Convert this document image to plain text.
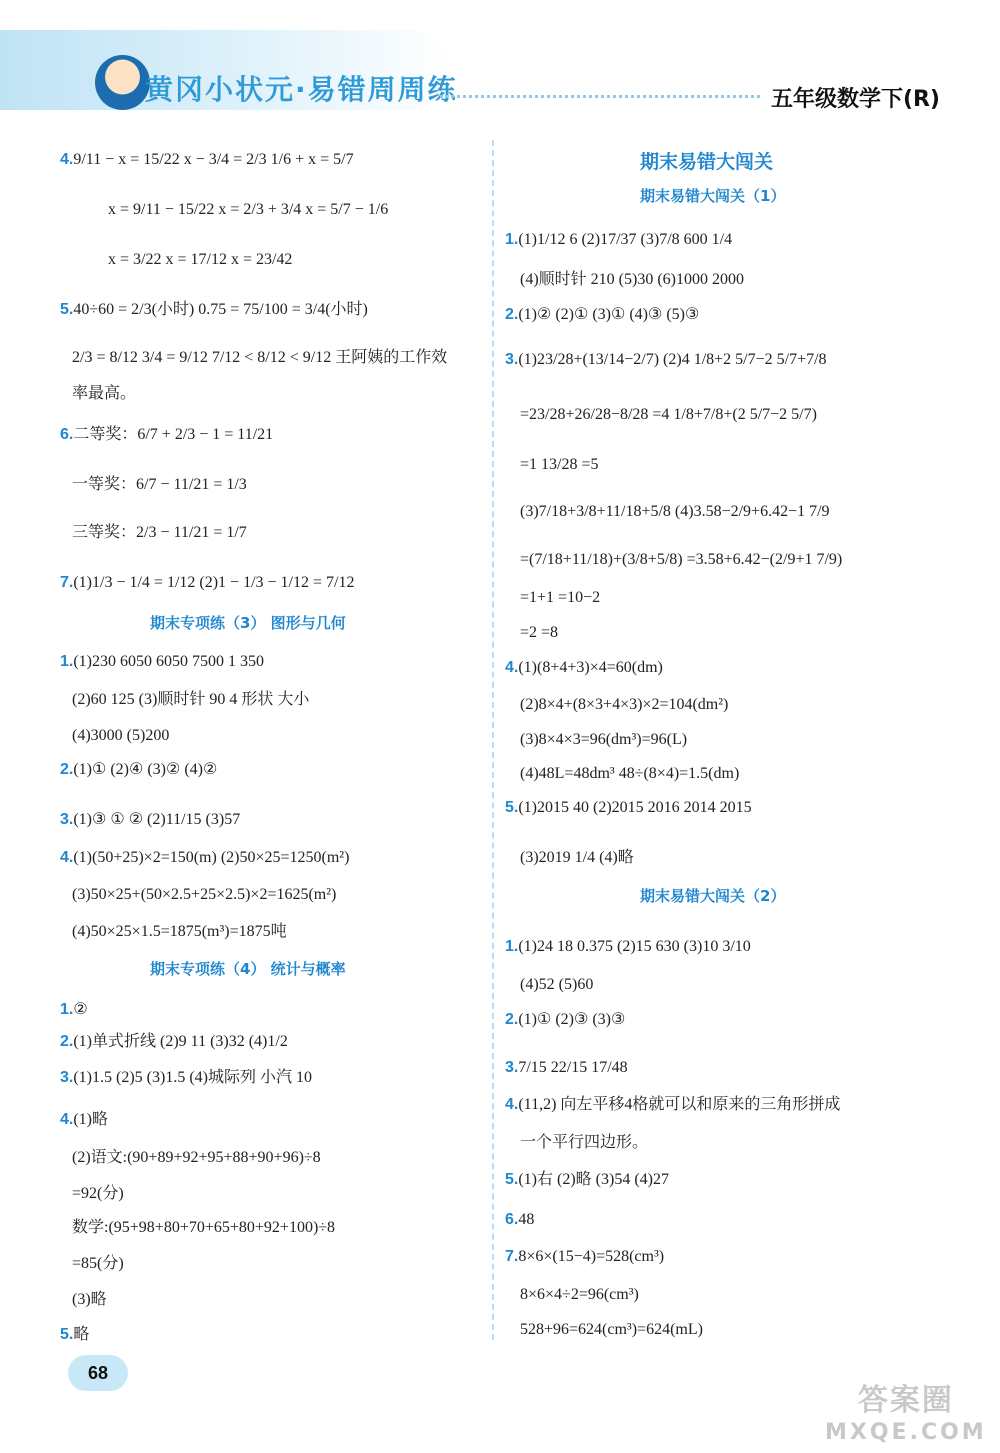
黄冈小状元·易错周周练	五年级数学下(R)
4.9/11 − x = 15/22 x − 3/4 = 2/3 1/6 + x = 5/7
x = 9/11 − 15/22 x = 2/3 + 3/4 x = 5/7 − 1/6
x = 3/22 x = 17/12 x = 23/42
5.40÷60 = 2/3(小时) 0.75 = 75/100 = 3/4(小时)
2/3 = 8/12 3/4 = 9/12 7/12 < 8/12 < 9/12 王阿姨的工作效
率最高。
6.二等奖：6/7 + 2/3 − 1 = 11/21
一等奖：6/7 − 11/21 = 1/3
三等奖：2/3 − 11/21 = 1/7
7.(1)1/3 − 1/4 = 1/12 (2)1 − 1/3 − 1/12 = 7/12
1.(1)230 6050 6050 7500 1 350
(2)60 125 (3)顺时针 90 4 形状 大小
(4)3000 (5)200
2.(1)① (2)④ (3)② (4)②
3.(1)③ ① ② (2)11/15 (3)57
4.(1)(50+25)×2=150(m) (2)50×25=1250(m²)
(3)50×25+(50×2.5+25×2.5)×2=1625(m²)
(4)50×25×1.5=1875(m³)=1875吨
1.②
2.(1)单式折线 (2)9 11 (3)32 (4)1/2
3.(1)1.5 (2)5 (3)1.5 (4)城际列 小汽 10
4.(1)略
(2)语文:(90+89+92+95+88+90+96)÷8
=92(分)
数学:(95+98+80+70+65+80+92+100)÷8
=85(分)
(3)略
5.略
期末专项练（3） 图形与几何
期末专项练（4） 统计与概率
1.(1)1/12 6 (2)17/37 (3)7/8 600 1/4
(4)顺时针 210 (5)30 (6)1000 2000
2.(1)② (2)① (3)① (4)③ (5)③
3.(1)23/28+(13/14−2/7) (2)4 1/8+2 5/7−2 5/7+7/8
=23/28+26/28−8/28 =4 1/8+7/8+(2 5/7−2 5/7)
=1 13/28 =5
(3)7/18+3/8+11/18+5/8 (4)3.58−2/9+6.42−1 7/9
=(7/18+11/18)+(3/8+5/8) =3.58+6.42−(2/9+1 7/9)
=1+1 =10−2
=2 =8
4.(1)(8+4+3)×4=60(dm)
(2)8×4+(8×3+4×3)×2=104(dm²)
(3)8×4×3=96(dm³)=96(L)
(4)48L=48dm³ 48÷(8×4)=1.5(dm)
5.(1)2015 40 (2)2015 2016 2014 2015
(3)2019 1/4 (4)略
1.(1)24 18 0.375 (2)15 630 (3)10 3/10
(4)52 (5)60
2.(1)① (2)③ (3)③
3.7/15 22/15 17/48
4.(11,2) 向左平移4格就可以和原来的三角形拼成
一个平行四边形。
5.(1)右 (2)略 (3)54 (4)27
6.48
7.8×6×(15−4)=528(cm³)
8×6×4÷2=96(cm³)
528+96=624(cm³)=624(mL)
期末易错大闯关
期末易错大闯关（1）
期末易错大闯关（2）
68
答案圈
MXQE.COM
